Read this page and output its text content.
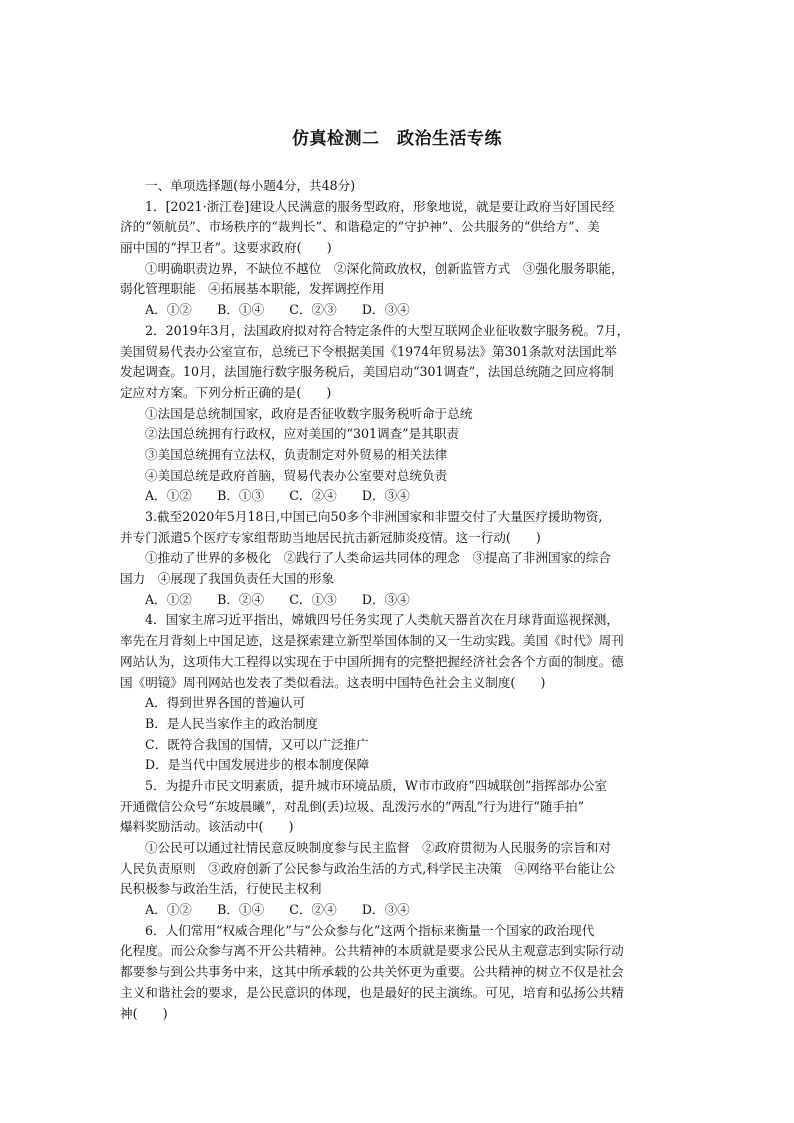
仿真检测二　政治生活专练
一、单项选择题(每小题4分，共48分)
1．[2021·浙江卷]建设人民满意的服务型政府，形象地说，就是要让政府当好国民经
济的“领航员”、市场秩序的“裁判长”、和谐稳定的“守护神”、公共服务的“供给方”、美
丽中国的“捍卫者”。这要求政府(　　)
①明确职责边界，不缺位不越位　②深化简政放权，创新监管方式　③强化服务职能，
弱化管理职能　④拓展基本职能，发挥调控作用
A．①②　　B．①④　　C．②③　　D．③④
2．2019年3月，法国政府拟对符合特定条件的大型互联网企业征收数字服务税。7月，
美国贸易代表办公室宣布，总统已下令根据美国《1974年贸易法》第301条款对法国此举
发起调查。10月，法国施行数字服务税后，美国启动“301调查”，法国总统随之回应将制
定应对方案。下列分析正确的是(　　)
①法国是总统制国家，政府是否征收数字服务税听命于总统
②法国总统拥有行政权，应对美国的“301调查”是其职责
③美国总统拥有立法权，负责制定对外贸易的相关法律
④美国总统是政府首脑，贸易代表办公室要对总统负责
A．①②　　B．①③　　C．②④　　D．③④
3.截至2020年5月18日,中国已向50多个非洲国家和非盟交付了大量医疗援助物资,
并专门派遣5个医疗专家组帮助当地居民抗击新冠肺炎疫情。这一行动(　　)
①推动了世界的多极化　②践行了人类命运共同体的理念　③提高了非洲国家的综合
国力　④展现了我国负责任大国的形象
A．①②　　B．②④　　C．①③　　D．③④
4．国家主席习近平指出，嫦娥四号任务实现了人类航天器首次在月球背面巡视探测，
率先在月背刻上中国足迹，这是探索建立新型举国体制的又一生动实践。美国《时代》周刊
网站认为，这项伟大工程得以实现在于中国所拥有的完整把握经济社会各个方面的制度。德
国《明镜》周刊网站也发表了类似看法。这表明中国特色社会主义制度(　　)
A．得到世界各国的普遍认可
B．是人民当家作主的政治制度
C．既符合我国的国情，又可以广泛推广
D．是当代中国发展进步的根本制度保障
5．为提升市民文明素质，提升城市环境品质，W市市政府“四城联创”指挥部办公室
开通微信公众号“东坡晨曦”，对乱倒(丢)垃圾、乱泼污水的“两乱”行为进行“随手拍”
爆料奖励活动。该活动中(　　)
①公民可以通过社情民意反映制度参与民主监督　②政府贯彻为人民服务的宗旨和对
人民负责原则　③政府创新了公民参与政治生活的方式,科学民主决策　④网络平台能让公
民积极参与政治生活，行使民主权利
A．①②　　B．①④　　C．②④　　D．③④
6．人们常用“权威合理化”与“公众参与化”这两个指标来衡量一个国家的政治现代
化程度。而公众参与离不开公共精神。公共精神的本质就是要求公民从主观意志到实际行动
都要参与到公共事务中来，这其中所承载的公共关怀更为重要。公共精神的树立不仅是社会
主义和谐社会的要求，是公民意识的体现，也是最好的民主演练。可见，培育和弘扬公共精
神(　　)
